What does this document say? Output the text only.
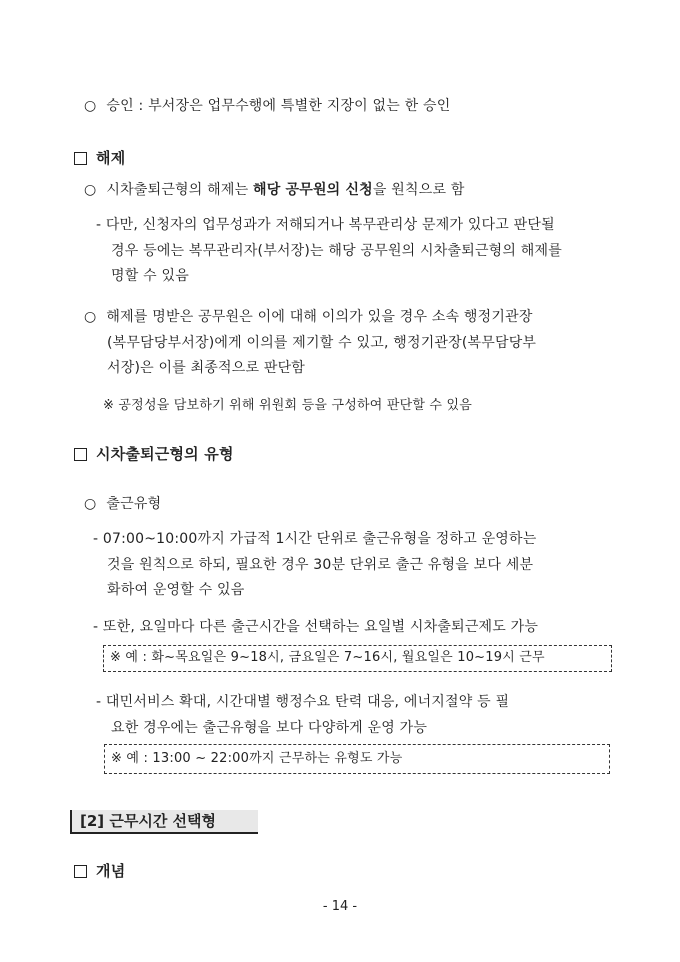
○ 승인 : 부서장은 업무수행에 특별한 지장이 없는 한 승인
해제
○ 시차출퇴근형의 해제는 해당 공무원의 신청을 원칙으로 함
- 다만, 신청자의 업무성과가 저해되거나 복무관리상 문제가 있다고 판단될
경우 등에는 복무관리자(부서장)는 해당 공무원의 시차출퇴근형의 해제를
명할 수 있음
○ 해제를 명받은 공무원은 이에 대해 이의가 있을 경우 소속 행정기관장
(복무담당부서장)에게 이의를 제기할 수 있고, 행정기관장(복무담당부
서장)은 이를 최종적으로 판단함
※ 공정성을 담보하기 위해 위원회 등을 구성하여 판단할 수 있음
시차출퇴근형의 유형
○ 출근유형
- 07:00~10:00까지 가급적 1시간 단위로 출근유형을 정하고 운영하는
것을 원칙으로 하되, 필요한 경우 30분 단위로 출근 유형을 보다 세분
화하여 운영할 수 있음
- 또한, 요일마다 다른 출근시간을 선택하는 요일별 시차출퇴근제도 가능
※ 예 : 화~목요일은 9~18시, 금요일은 7~16시, 월요일은 10~19시 근무
- 대민서비스 확대, 시간대별 행정수요 탄력 대응, 에너지절약 등 필
요한 경우에는 출근유형을 보다 다양하게 운영 가능
※ 예 : 13:00 ~ 22:00까지 근무하는 유형도 가능
[2] 근무시간 선택형
개념
- 14 -
